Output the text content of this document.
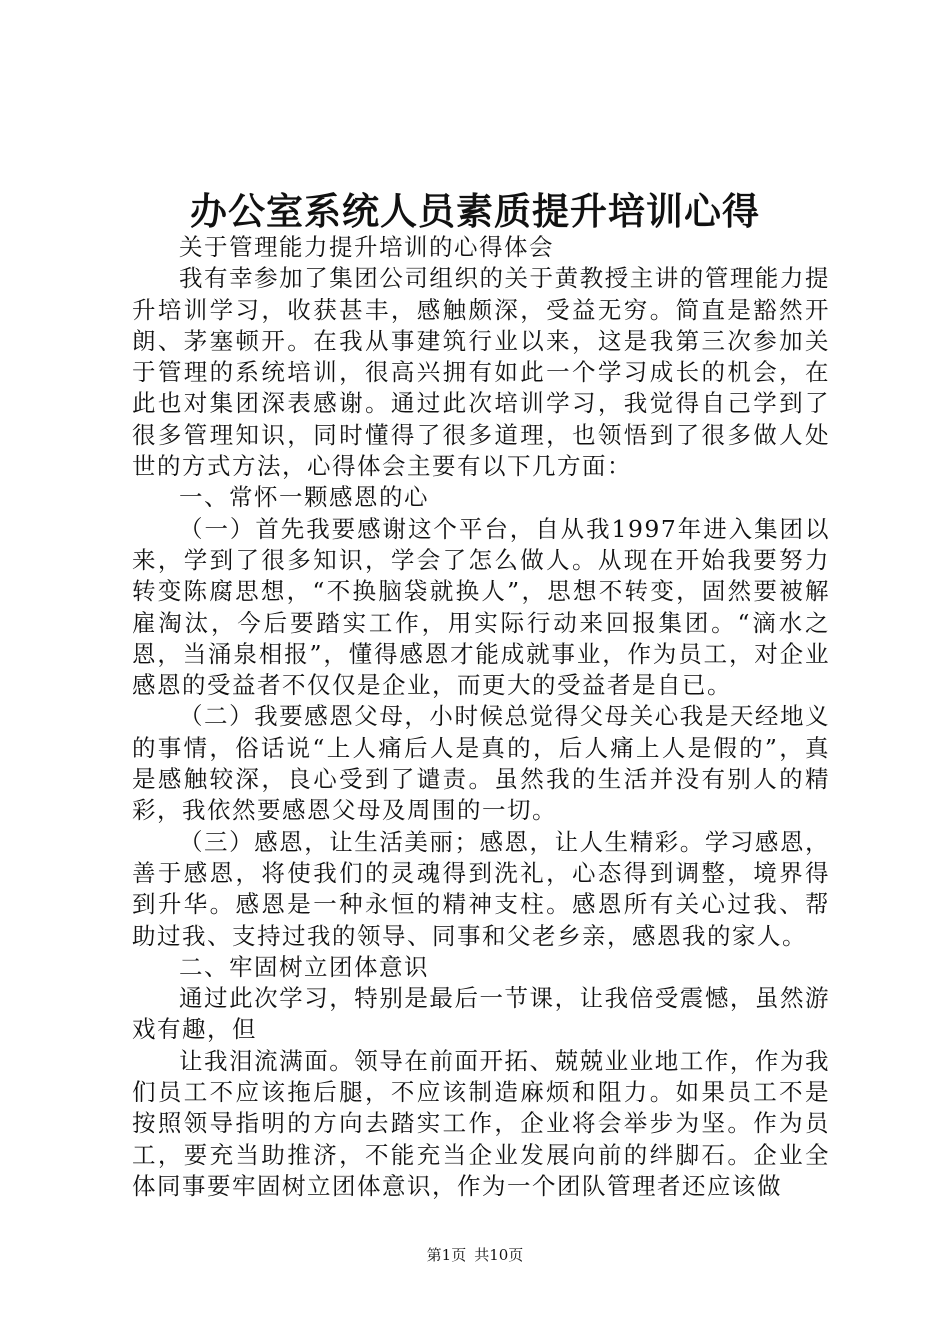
办公室系统人员素质提升培训心得

关于管理能力提升培训的心得体会

我有幸参加了集团公司组织的关于黄教授主讲的管理能力提升培训学习，收获甚丰，感触颇深，受益无穷。简直是豁然开朗、茅塞顿开。在我从事建筑行业以来，这是我第三次参加关于管理的系统培训，很高兴拥有如此一个学习成长的机会，在此也对集团深表感谢。通过此次培训学习，我觉得自己学到了很多管理知识，同时懂得了很多道理，也领悟到了很多做人处世的方式方法，心得体会主要有以下几方面：

一、常怀一颗感恩的心

（一）首先我要感谢这个平台，自从我1997年进入集团以来，学到了很多知识，学会了怎么做人。从现在开始我要努力转变陈腐思想，“不换脑袋就换人”，思想不转变，固然要被解雇淘汰，今后要踏实工作，用实际行动来回报集团。“滴水之恩，当涌泉相报”，懂得感恩才能成就事业，作为员工，对企业感恩的受益者不仅仅是企业，而更大的受益者是自已。

（二）我要感恩父母，小时候总觉得父母关心我是天经地义的事情，俗话说“上人痛后人是真的，后人痛上人是假的”，真是感触较深，良心受到了谴责。虽然我的生活并没有别人的精彩，我依然要感恩父母及周围的一切。

（三）感恩，让生活美丽；感恩，让人生精彩。学习感恩，善于感恩，将使我们的灵魂得到洗礼，心态得到调整，境界得到升华。感恩是一种永恒的精神支柱。感恩所有关心过我、帮助过我、支持过我的领导、同事和父老乡亲，感恩我的家人。

二、牢固树立团体意识

通过此次学习，特别是最后一节课，让我倍受震憾，虽然游戏有趣，但

让我泪流满面。领导在前面开拓、兢兢业业地工作，作为我们员工不应该拖后腿，不应该制造麻烦和阻力。如果员工不是按照领导指明的方向去踏实工作，企业将会举步为坚。作为员工，要充当助推济，不能充当企业发展向前的绊脚石。企业全体同事要牢固树立团体意识，作为一个团队管理者还应该做

第1页 共10页
